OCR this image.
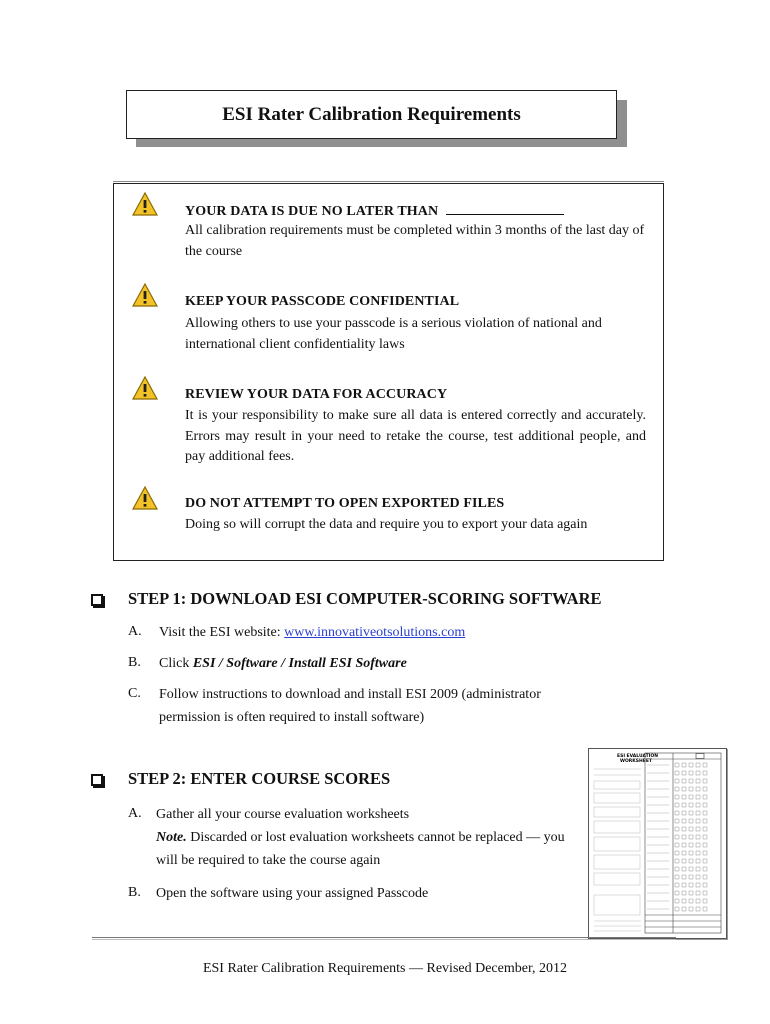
ESI Rater Calibration Requirements
YOUR DATA IS DUE NO LATER THAN
All calibration requirements must be completed within 3 months of the last day of the course
KEEP YOUR PASSCODE CONFIDENTIAL
Allowing others to use your passcode is a serious violation of national and international client confidentiality laws
REVIEW YOUR DATA FOR ACCURACY
It is your responsibility to make sure all data is entered correctly and accurately. Errors may result in your need to retake the course, test additional people, and pay additional fees.
DO NOT ATTEMPT TO OPEN EXPORTED FILES
Doing so will corrupt the data and require you to export your data again
STEP 1: DOWNLOAD ESI COMPUTER-SCORING SOFTWARE
A. Visit the ESI website: www.innovativeotsolutions.com
B. Click ESI / Software / Install ESI Software
C. Follow instructions to download and install ESI 2009 (administrator permission is often required to install software)
STEP 2: ENTER COURSE SCORES
A. Gather all your course evaluation worksheets
Note. Discarded or lost evaluation worksheets cannot be replaced — you will be required to take the course again
B. Open the software using your assigned Passcode
ESI EVALUATION
WORKSHEET
ESI Rater Calibration Requirements — Revised December, 2012
